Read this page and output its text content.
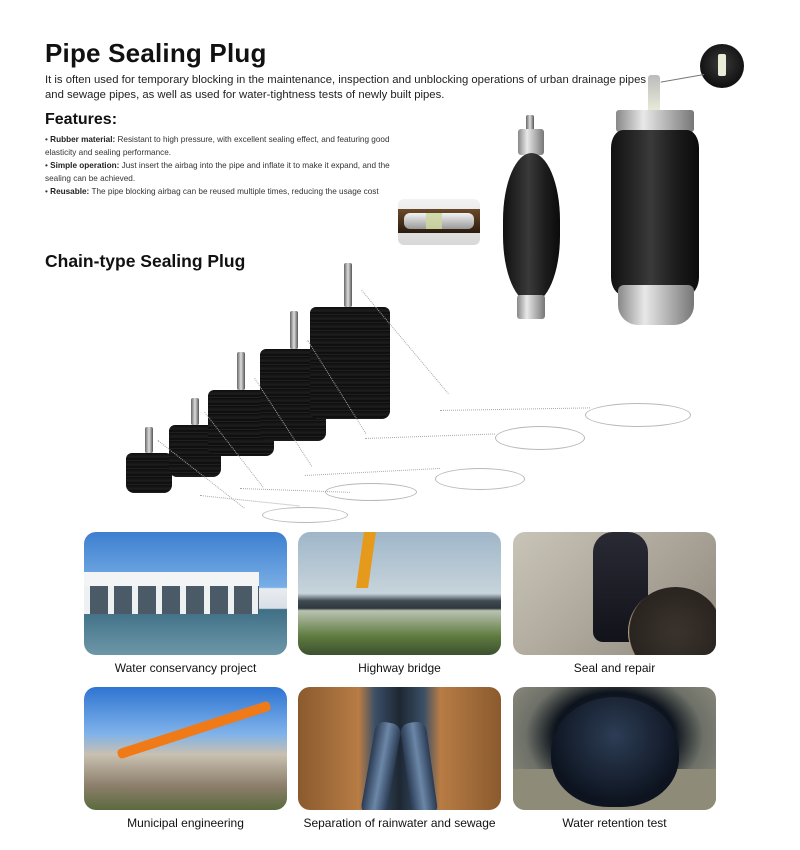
Pipe Sealing Plug

It is often used for temporary blocking in the maintenance, inspection and unblocking operations of urban drainage pipes and sewage pipes, as well as used for water-tightness tests of newly built pipes.

Features:

• Rubber material: Resistant to high pressure, with excellent sealing effect, and featuring good elasticity and sealing performance.

• Simple operation: Just insert the airbag into the pipe and inflate it to make it expand, and the sealing can be achieved.

• Reusable: The pipe blocking airbag can be reused multiple times, reducing the usage cost

Chain-type Sealing Plug
Water conservancy project	Highway bridge	Seal and repair
Municipal engineering	Separation of rainwater and sewage	Water retention test
